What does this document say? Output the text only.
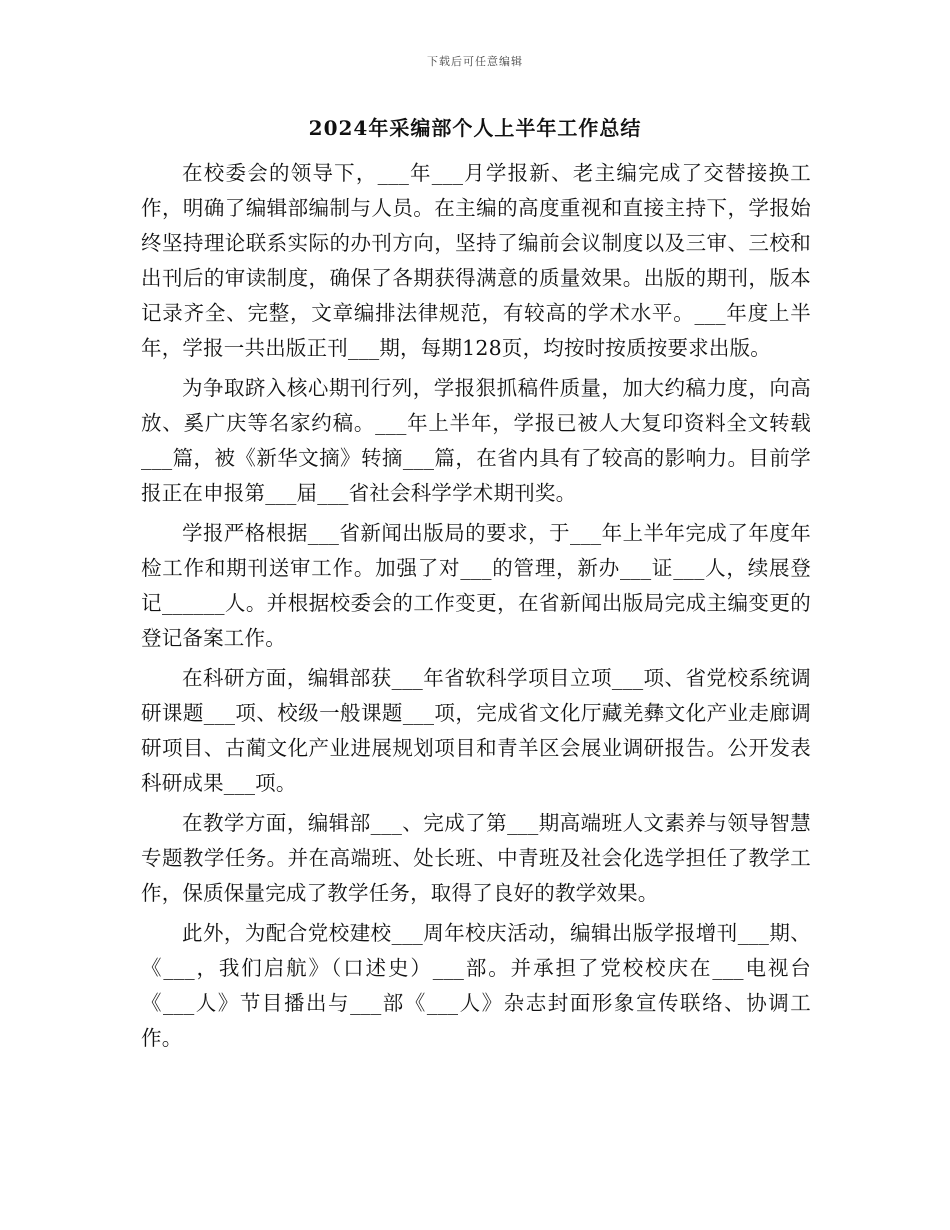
下载后可任意编辑
2024年采编部个人上半年工作总结

在校委会的领导下，___年___月学报新、老主编完成了交替接换工作，明确了编辑部编制与人员。在主编的高度重视和直接主持下，学报始终坚持理论联系实际的办刊方向，坚持了编前会议制度以及三审、三校和出刊后的审读制度，确保了各期获得满意的质量效果。出版的期刊，版本记录齐全、完整，文章编排法律规范，有较高的学术水平。___年度上半年，学报一共出版正刊___期，每期128页，均按时按质按要求出版。

为争取跻入核心期刊行列，学报狠抓稿件质量，加大约稿力度，向高放、奚广庆等名家约稿。___年上半年，学报已被人大复印资料全文转载___篇，被《新华文摘》转摘___篇，在省内具有了较高的影响力。目前学报正在申报第___届___省社会科学学术期刊奖。

学报严格根据___省新闻出版局的要求，于___年上半年完成了年度年检工作和期刊送审工作。加强了对___的管理，新办___证___人，续展登记______人。并根据校委会的工作变更，在省新闻出版局完成主编变更的登记备案工作。

在科研方面，编辑部获___年省软科学项目立项___项、省党校系统调研课题___项、校级一般课题___项，完成省文化厅藏羌彝文化产业走廊调研项目、古蔺文化产业进展规划项目和青羊区会展业调研报告。公开发表科研成果___项。

在教学方面，编辑部___、完成了第___期高端班人文素养与领导智慧专题教学任务。并在高端班、处长班、中青班及社会化选学担任了教学工作，保质保量完成了教学任务，取得了良好的教学效果。

此外，为配合党校建校___周年校庆活动，编辑出版学报增刊___期、《___，我们启航》（口述史）___部。并承担了党校校庆在___电视台《___人》节目播出与___部《___人》杂志封面形象宣传联络、协调工作。
